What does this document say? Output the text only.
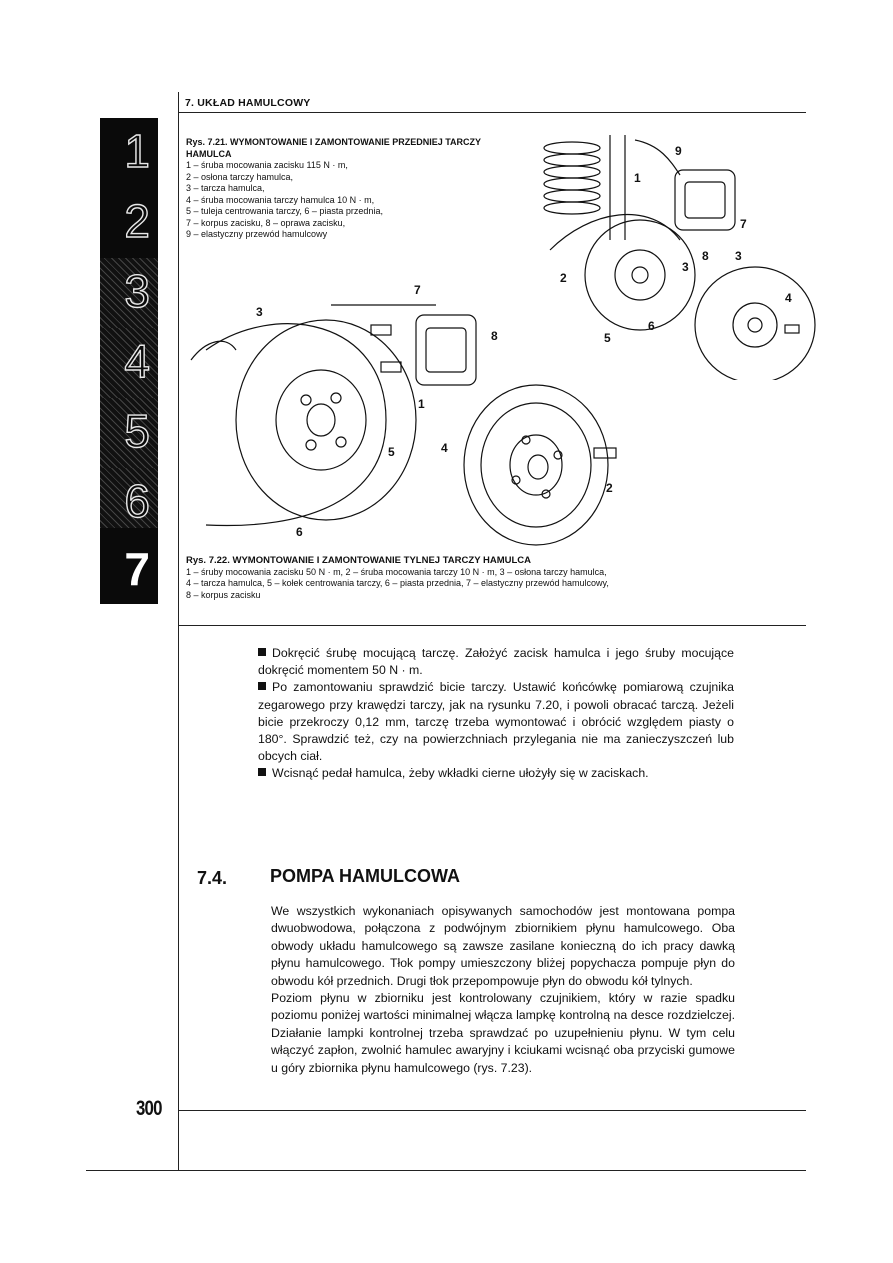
1
2
3
4
5
6
7
7. UKŁAD HAMULCOWY
Rys. 7.21. WYMONTOWANIE I ZAMONTOWANIE PRZEDNIEJ TARCZY HAMULCA
1 – śruba mocowania zacisku 115 N · m,
2 – osłona tarczy hamulca,
3 – tarcza hamulca,
4 – śruba mocowania tarczy hamulca 10 N · m,
5 – tuleja centrowania tarczy, 6 – piasta przednia,
7 – korpus zacisku, 8 – oprawa zacisku,
9 – elastyczny przewód hamulcowy
9
1
7
8 3
3
2
4
5
6
3
7
8
1
5	4
2
6
Rys. 7.22. WYMONTOWANIE I ZAMONTOWANIE TYLNEJ TARCZY HAMULCA
1 – śruby mocowania zacisku 50 N · m, 2 – śruba mocowania tarczy 10 N · m, 3 – osłona tarczy hamulca,
4 – tarcza hamulca, 5 – kołek centrowania tarczy, 6 – piasta przednia, 7 – elastyczny przewód hamulcowy,
8 – korpus zacisku
Dokręcić śrubę mocującą tarczę. Założyć zacisk hamulca i jego śruby mocujące dokręcić momentem 50 N · m.
Po zamontowaniu sprawdzić bicie tarczy. Ustawić końcówkę pomiarową czujnika zegarowego przy krawędzi tarczy, jak na rysunku 7.20, i powoli obracać tarczą. Jeżeli bicie przekroczy 0,12 mm, tarczę trzeba wymontować i obrócić względem piasty o 180°. Sprawdzić też, czy na powierzchniach przylegania nie ma zanieczyszczeń lub obcych ciał.
Wcisnąć pedał hamulca, żeby wkładki cierne ułożyły się w zaciskach.
7.4. POMPA HAMULCOWA
We wszystkich wykonaniach opisywanych samochodów jest montowana pompa dwuobwodowa, połączona z podwójnym zbiornikiem płynu hamulcowego. Oba obwody układu hamulcowego są zawsze zasilane konieczną do ich pracy dawką płynu hamulcowego. Tłok pompy umieszczony bliżej popychacza pompuje płyn do obwodu kół przednich. Drugi tłok przepompowuje płyn do obwodu kół tylnych.
Poziom płynu w zbiorniku jest kontrolowany czujnikiem, który w razie spadku poziomu poniżej wartości minimalnej włącza lampkę kontrolną na desce rozdzielczej. Działanie lampki kontrolnej trzeba sprawdzać po uzupełnieniu płynu. W tym celu włączyć zapłon, zwolnić hamulec awaryjny i kciukami wcisnąć oba przyciski gumowe u góry zbiornika płynu hamulcowego (rys. 7.23).
300
